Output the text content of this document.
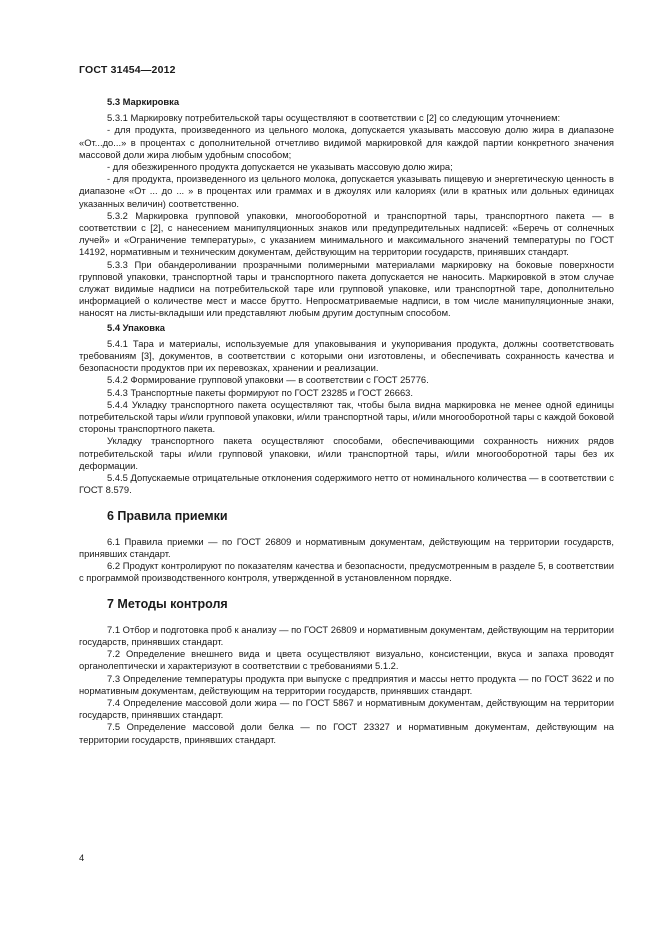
ГОСТ 31454—2012
5.3 Маркировка

5.3.1 Маркировку потребительской тары осуществляют в соответствии с [2] со следующим уточнением:

- для продукта, произведенного из цельного молока, допускается указывать массовую долю жира в диапазоне «От...до...» в процентах с дополнительной отчетливо видимой маркировкой для каждой партии конкретного значения массовой доли жира любым удобным способом;

- для обезжиренного продукта допускается не указывать массовую долю жира;

- для продукта, произведенного из цельного молока, допускается указывать пищевую и энергетическую ценность в диапазоне «От ... до ... » в процентах или граммах и в джоулях или калориях (или в кратных или дольных единицах указанных величин) соответственно.

5.3.2 Маркировка групповой упаковки, многооборотной и транспортной тары, транспортного пакета — в соответствии с [2], с нанесением манипуляционных знаков или предупредительных надписей: «Беречь от солнечных лучей» и «Ограничение температуры», с указанием минимального и максимального значений температуры по ГОСТ 14192, нормативным и техническим документам, действующим на территории государств, принявших стандарт.

5.3.3 При обандероливании прозрачными полимерными материалами маркировку на боковые поверхности групповой упаковки, транспортной тары и транспортного пакета допускается не наносить. Маркировкой в этом случае служат видимые надписи на потребительской таре или групповой упаковке, или транспортной таре, дополнительно информацией о количестве мест и массе брутто. Непросматриваемые надписи, в том числе манипуляционные знаки, наносят на листы-вкладыши или представляют любым другим доступным способом.

5.4 Упаковка

5.4.1 Тара и материалы, используемые для упаковывания и укупоривания продукта, должны соответствовать требованиям [3], документов, в соответствии с которыми они изготовлены, и обеспечивать сохранность качества и безопасности продуктов при их перевозках, хранении и реализации.

5.4.2 Формирование групповой упаковки — в соответствии с ГОСТ 25776.

5.4.3 Транспортные пакеты формируют по ГОСТ 23285 и ГОСТ 26663.

5.4.4 Укладку транспортного пакета осуществляют так, чтобы была видна маркировка не менее одной единицы потребительской тары и/или групповой упаковки, и/или транспортной тары, и/или многооборотной тары с каждой боковой стороны транспортного пакета.

Укладку транспортного пакета осуществляют способами, обеспечивающими сохранность нижних рядов потребительской тары и/или групповой упаковки, и/или транспортной тары, и/или многооборотной тары без их деформации.

5.4.5 Допускаемые отрицательные отклонения содержимого нетто от номинального количества — в соответствии с ГОСТ 8.579.

6 Правила приемки

6.1 Правила приемки — по ГОСТ 26809 и нормативным документам, действующим на территории государств, принявших стандарт.

6.2 Продукт контролируют по показателям качества и безопасности, предусмотренным в разделе 5, в соответствии с программой производственного контроля, утвержденной в установленном порядке.

7 Методы контроля

7.1 Отбор и подготовка проб к анализу — по ГОСТ 26809 и нормативным документам, действующим на территории государств, принявших стандарт.

7.2 Определение внешнего вида и цвета осуществляют визуально, консистенции, вкуса и запаха проводят органолептически и характеризуют в соответствии с требованиями 5.1.2.

7.3 Определение температуры продукта при выпуске с предприятия и массы нетто продукта — по ГОСТ 3622 и по нормативным документам, действующим на территории государств, принявших стандарт.

7.4 Определение массовой доли жира — по ГОСТ 5867 и нормативным документам, действующим на территории государств, принявших стандарт.

7.5 Определение массовой доли белка — по ГОСТ 23327 и нормативным документам, действующим на территории государств, принявших стандарт.

4
